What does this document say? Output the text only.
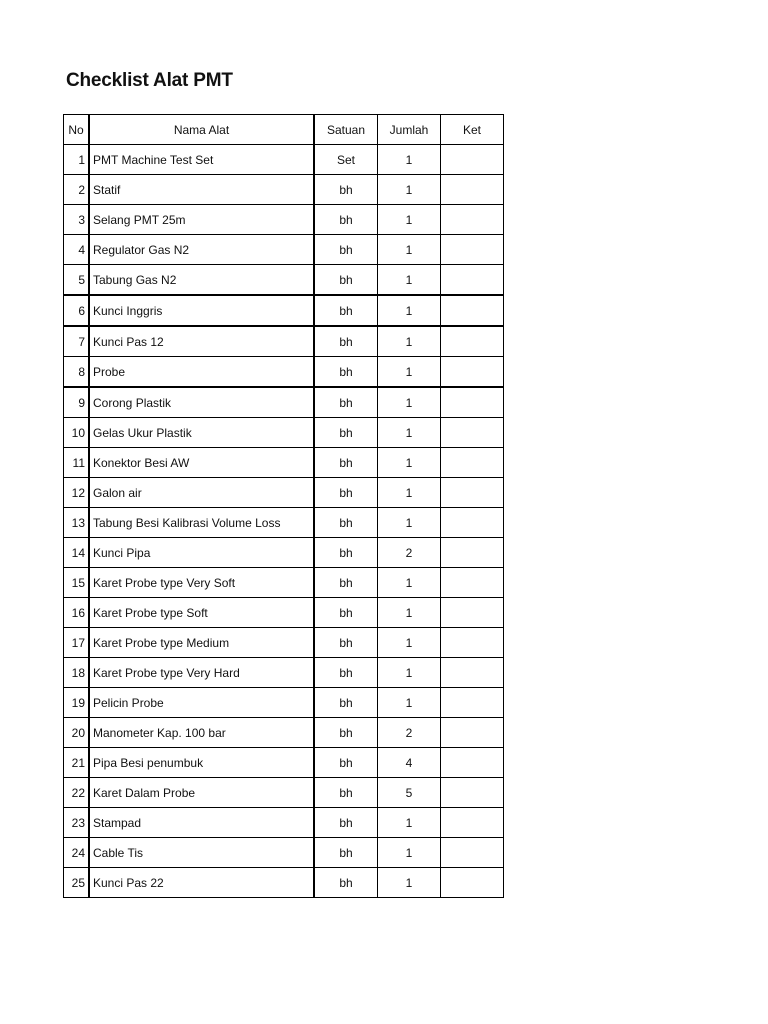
Checklist Alat PMT
No	Nama Alat	Satuan	Jumlah	Ket
1	PMT Machine Test Set	Set	1	
2	Statif	bh	1	
3	Selang PMT 25m	bh	1	
4	Regulator Gas N2	bh	1	
5	Tabung Gas N2	bh	1	
6	Kunci Inggris	bh	1	
7	Kunci Pas 12	bh	1	
8	Probe	bh	1	
9	Corong Plastik	bh	1	
10	Gelas Ukur Plastik	bh	1	
11	Konektor Besi AW	bh	1	
12	Galon air	bh	1	
13	Tabung Besi Kalibrasi Volume Loss	bh	1	
14	Kunci Pipa	bh	2	
15	Karet Probe type Very Soft	bh	1	
16	Karet Probe type Soft	bh	1	
17	Karet Probe type Medium	bh	1	
18	Karet Probe type Very Hard	bh	1	
19	Pelicin Probe	bh	1	
20	Manometer Kap. 100 bar	bh	2	
21	Pipa Besi penumbuk	bh	4	
22	Karet Dalam Probe	bh	5	
23	Stampad	bh	1	
24	Cable Tis	bh	1	
25	Kunci Pas 22	bh	1	
